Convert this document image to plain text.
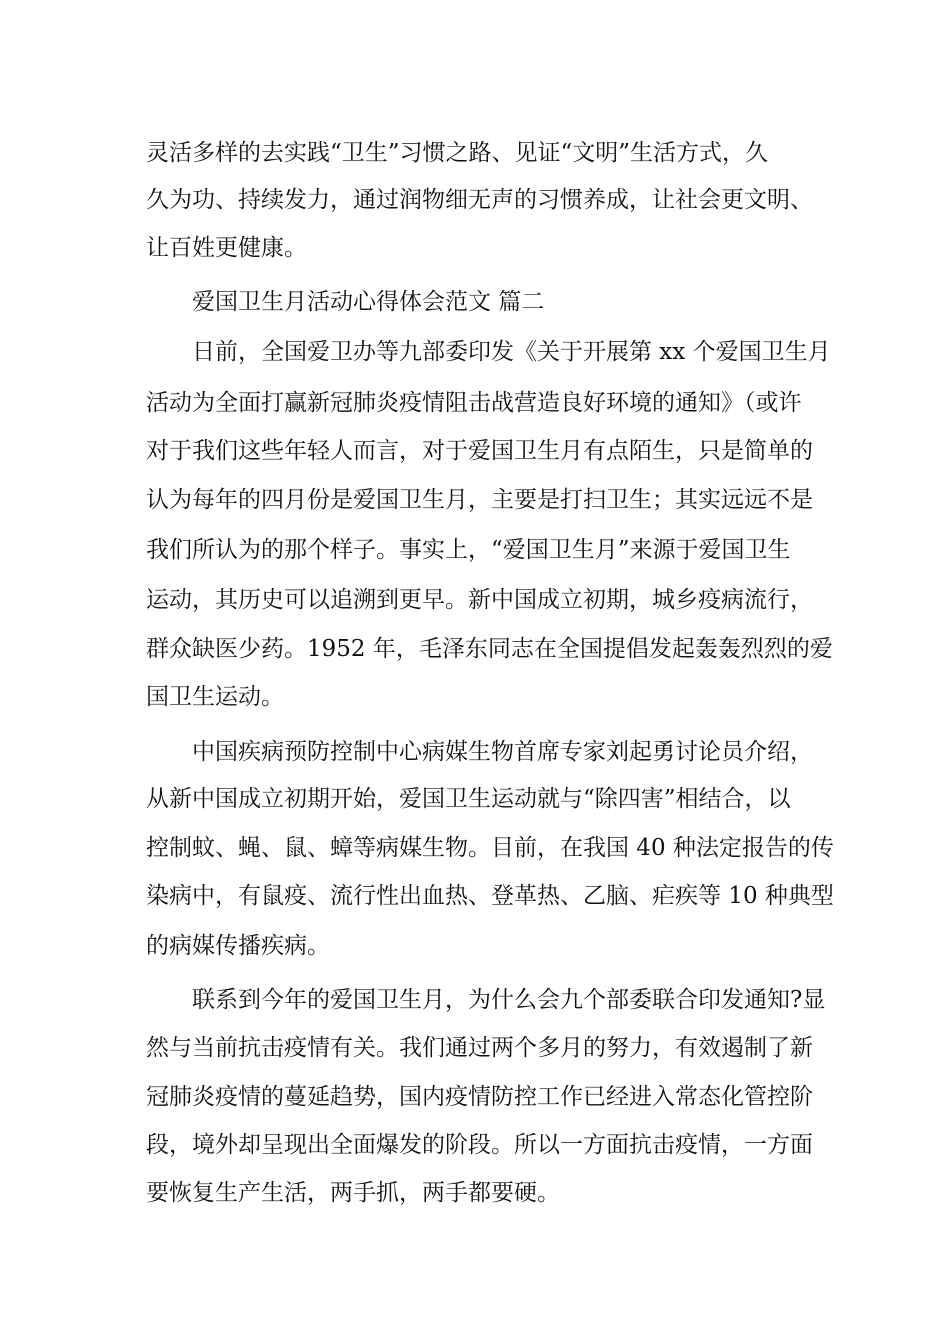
灵活多样的去实践“卫生”习惯之路、见证“文明”生活方式，久
久为功、持续发力，通过润物细无声的习惯养成，让社会更文明、
让百姓更健康。
爱国卫生月活动心得体会范文 篇二
日前，全国爱卫办等九部委印发《关于开展第 xx 个爱国卫生月
活动为全面打赢新冠肺炎疫情阻击战营造良好环境的通知》（或许
对于我们这些年轻人而言，对于爱国卫生月有点陌生，只是简单的
认为每年的四月份是爱国卫生月，主要是打扫卫生；其实远远不是
我们所认为的那个样子。事实上，“爱国卫生月”来源于爱国卫生
运动，其历史可以追溯到更早。新中国成立初期，城乡疫病流行，
群众缺医少药。1952 年，毛泽东同志在全国提倡发起轰轰烈烈的爱
国卫生运动。
中国疾病预防控制中心病媒生物首席专家刘起勇讨论员介绍，
从新中国成立初期开始，爱国卫生运动就与“除四害”相结合，以
控制蚊、蝇、鼠、蟑等病媒生物。目前，在我国 40 种法定报告的传
染病中，有鼠疫、流行性出血热、登革热、乙脑、疟疾等 10 种典型
的病媒传播疾病。
联系到今年的爱国卫生月，为什么会九个部委联合印发通知?显
然与当前抗击疫情有关。我们通过两个多月的努力，有效遏制了新
冠肺炎疫情的蔓延趋势，国内疫情防控工作已经进入常态化管控阶
段，境外却呈现出全面爆发的阶段。所以一方面抗击疫情，一方面
要恢复生产生活，两手抓，两手都要硬。
